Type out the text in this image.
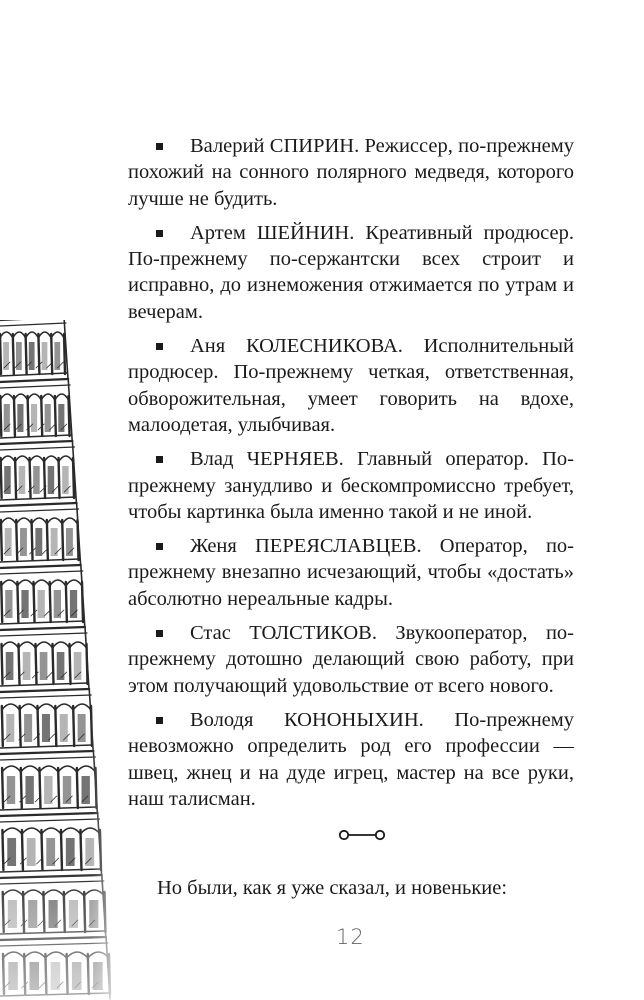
Валерий СПИРИН. Режиссер, по-прежнему похожий на сонного полярного медведя, которого лучше не будить.

Артем ШЕЙНИН. Креативный продюсер. По-прежнему по-сержантски всех строит и исправно, до изнеможения отжимается по утрам и вечерам.

Аня КОЛЕСНИКОВА. Исполнительный продюсер. По-прежнему четкая, ответственная, обворожительная, умеет говорить на вдохе, малоодетая, улыбчивая.

Влад ЧЕРНЯЕВ. Главный оператор. По-прежнему занудливо и бескомпромиссно требует, чтобы картинка была именно такой и не иной.

Женя ПЕРЕЯСЛАВЦЕВ. Оператор, по-прежнему внезапно исчезающий, чтобы «достать» абсолютно нереальные кадры.

Стас ТОЛСТИКОВ. Звукооператор, по-прежнему дотошно делающий свою работу, при этом получающий удовольствие от всего нового.

Володя КОНОНЫХИН. По-прежнему невозможно определить род его профессии — швец, жнец и на дуде игрец, мастер на все руки, наш талисман.

Но были, как я уже сказал, и новенькие:
12
